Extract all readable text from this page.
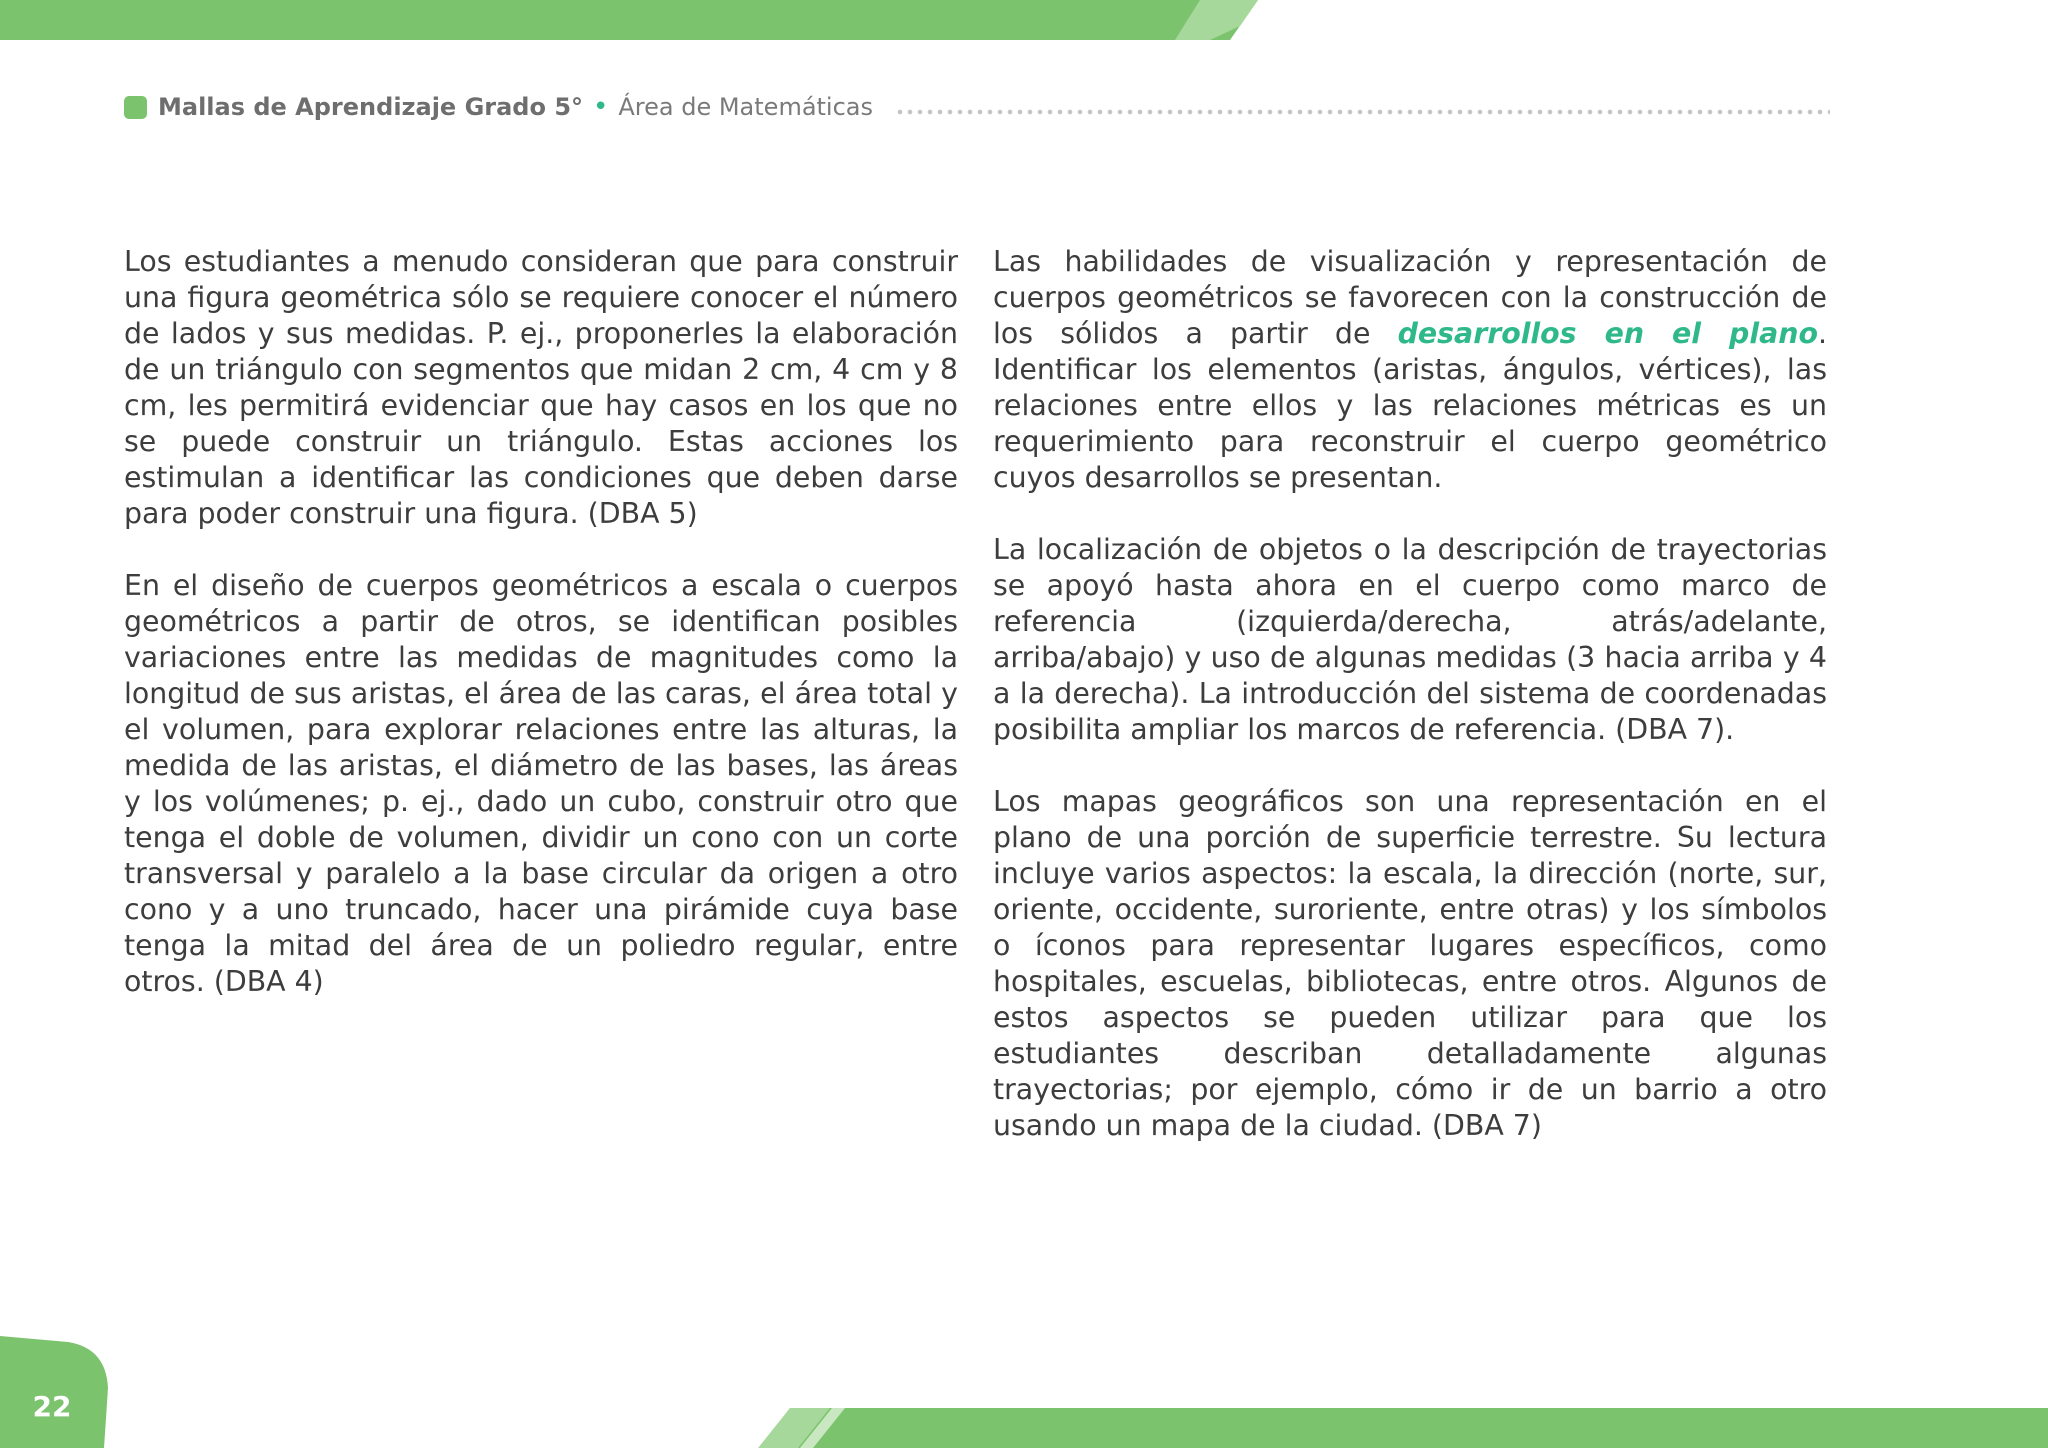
Mallas de Aprendizaje Grado 5° • Área de Matemáticas

Los estudiantes a menudo consideran que para construir una figura geométrica sólo se requiere conocer el número de lados y sus medidas. P. ej., proponerles la elaboración de un triángulo con segmentos que midan 2 cm, 4 cm y 8 cm, les permitirá evidenciar que hay casos en los que no se puede construir un triángulo. Estas acciones los estimulan a identificar las condiciones que deben darse para poder construir una figura. (DBA 5)

En el diseño de cuerpos geométricos a escala o cuerpos geométricos a partir de otros, se identifican posibles variaciones entre las medidas de magnitudes como la longitud de sus aristas, el área de las caras, el área total y el volumen, para explorar relaciones entre las alturas, la medida de las aristas, el diámetro de las bases, las áreas y los volúmenes; p. ej., dado un cubo, construir otro que tenga el doble de volumen, dividir un cono con un corte transversal y paralelo a la base circular da origen a otro cono y a uno truncado, hacer una pirámide cuya base tenga la mitad del área de un poliedro regular, entre otros. (DBA 4)

Las habilidades de visualización y representación de cuerpos geométricos se favorecen con la construcción de los sólidos a partir de desarrollos en el plano. Identificar los elementos (aristas, ángulos, vértices), las relaciones entre ellos y las relaciones métricas es un requerimiento para reconstruir el cuerpo geométrico cuyos desarrollos se presentan.

La localización de objetos o la descripción de trayectorias se apoyó hasta ahora en el cuerpo como marco de referencia (izquierda/derecha, atrás/adelante, arriba/abajo) y uso de algunas medidas (3 hacia arriba y 4 a la derecha). La introducción del sistema de coordenadas posibilita ampliar los marcos de referencia. (DBA 7).

Los mapas geográficos son una representación en el plano de una porción de superficie terrestre. Su lectura incluye varios aspectos: la escala, la dirección (norte, sur, oriente, occidente, suroriente, entre otras) y los símbolos o íconos para representar lugares específicos, como hospitales, escuelas, bibliotecas, entre otros. Algunos de estos aspectos se pueden utilizar para que los estudiantes describan detalladamente algunas trayectorias; por ejemplo, cómo ir de un barrio a otro usando un mapa de la ciudad. (DBA 7)

22
